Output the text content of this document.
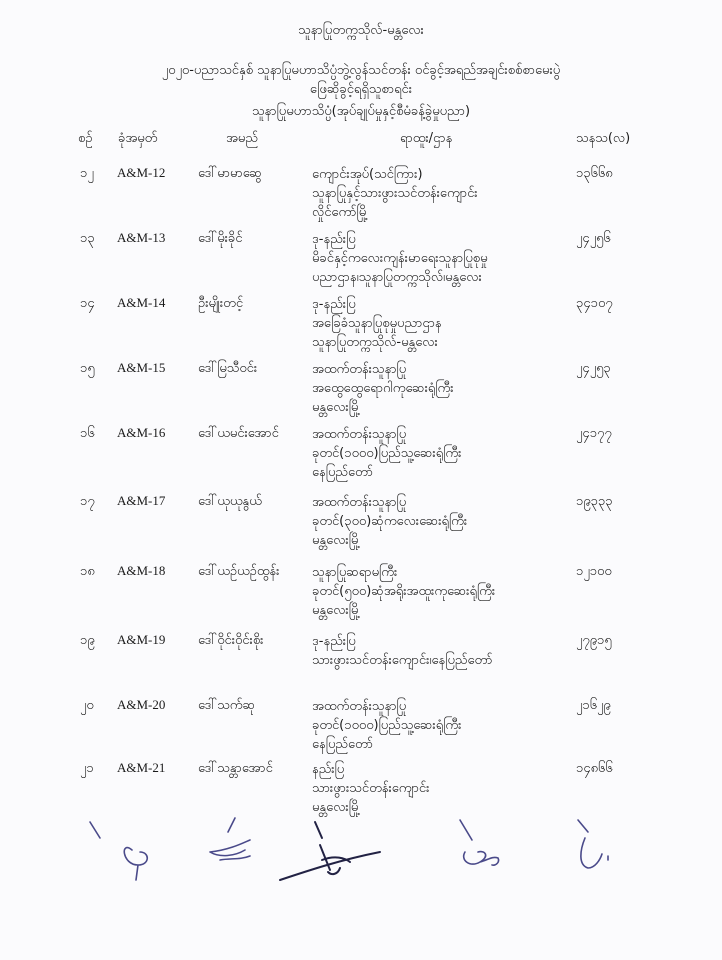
သူနာပြုတက္ကသိုလ်-မန္တလေး
၂၀၂၀-ပညာသင်နှစ် သူနာပြုမဟာသိပ္ပံဘွဲ့လွန်သင်တန်း ဝင်ခွင့်အရည်အချင်းစစ်စာမေးပွဲ
ဖြေဆိုခွင့်ရရှိသူစာရင်း
သူနာပြုမဟာသိပ္ပံ(အုပ်ချုပ်မှုနှင့်စီမံခန့်ခွဲမှုပညာ)
စဉ် ခုံအမှတ်	အမည်	ရာထူး/ဌာန	သနသ(လ)
၁၂ A&M-12	ဒေါ်မာမာဆွေ	ကျောင်းအုပ်(သင်ကြား)
သူနာပြုနှင့်သားဖွားသင်တန်းကျောင်း
လှိုင်ကော်မြို့
၁၃၆၆၈
၁၃ A&M-13	ဒေါ်မိုးခိုင်	ဒု-နည်းပြ
မိခင်နှင့်ကလေးကျန်းမာရေးသူနာပြုစုမှု
ပညာဌာန၊သူနာပြုတက္ကသိုလ်၊မန္တလေး
၂၄၂၅၆
၁၄ A&M-14	ဦးမျိုးတင့်	ဒု-နည်းပြ
အခြေခံသူနာပြုစုမှုပညာဌာန
သူနာပြုတက္ကသိုလ်-မန္တလေး
၃၄၁၀၇
၁၅ A&M-15	ဒေါ်မြသီဝင်း	အထက်တန်းသူနာပြု
အထွေထွေရောဂါကုဆေးရုံကြီး
မန္တလေးမြို့
၂၄၂၅၃
၁၆ A&M-16	ဒေါ်ယမင်းအောင်	အထက်တန်းသူနာပြု
ခုတင်(၁၀၀၀)ပြည်သူ့ဆေးရုံကြီး
နေပြည်တော်
၂၄၁၇၇
၁၇ A&M-17	ဒေါ်ယုယုနွယ်	အထက်တန်းသူနာပြု
ခုတင်(၃၀၀)ဆုံကလေးဆေးရုံကြီး
မန္တလေးမြို့
၁၉၃၃၃
၁၈ A&M-18	ဒေါ်ယဉ်ယဉ်ထွန်း	သူနာပြုဆရာမကြီး
ခုတင်(၅၀၀)ဆုံအရိုးအထူးကုဆေးရုံကြီး
မန္တလေးမြို့
၁၂၁၀၀
၁၉ A&M-19	ဒေါ်ဝိုင်းဝိုင်းစိုး	ဒု-နည်းပြ
သားဖွားသင်တန်းကျောင်း၊နေပြည်တော်
၂၇၉၁၅
၂၀ A&M-20	ဒေါ်သက်ဆု	အထက်တန်းသူနာပြု
ခုတင်(၁၀၀၀)ပြည်သူ့ဆေးရုံကြီး
နေပြည်တော်
၂၁၆၂၉
၂၁ A&M-21	ဒေါ်သန္တာအောင်	နည်းပြ
သားဖွားသင်တန်းကျောင်း
မန္တလေးမြို့
၁၄၈၆၆
